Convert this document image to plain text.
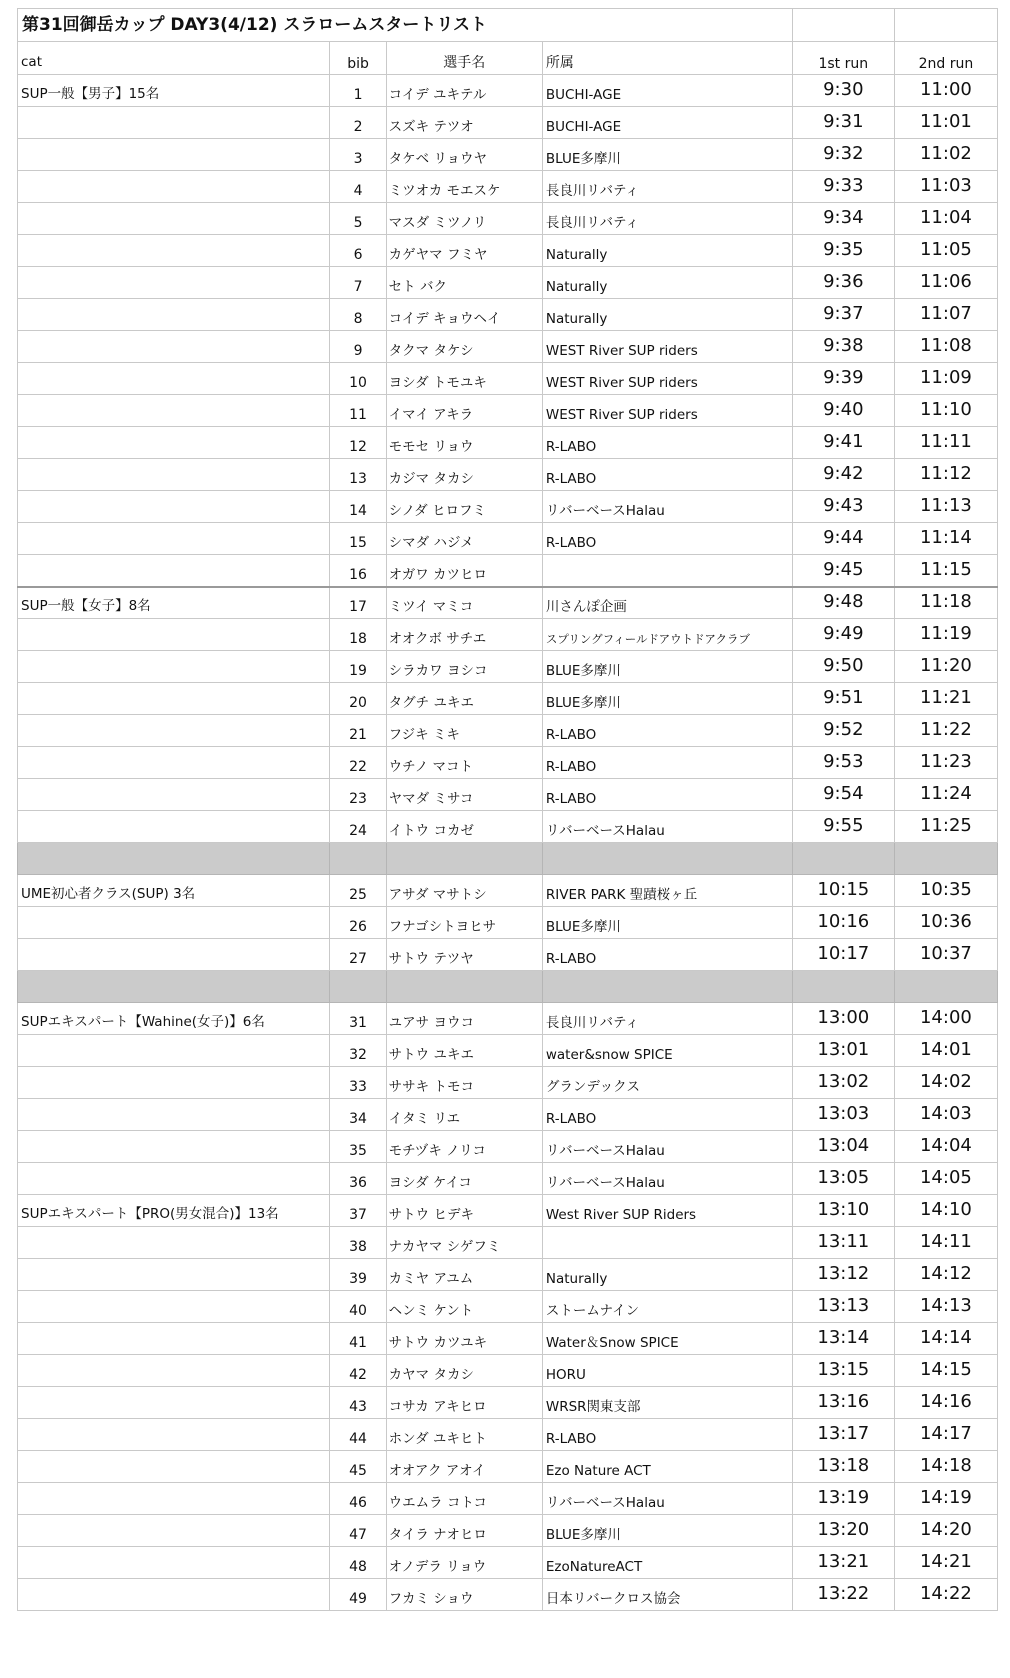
第31回御岳カップ DAY3(4/12) スラロームスタートリスト					
cat	bib	選手名	所属	1st run	2nd run
SUP一般【男子】15名	1	コイデ ユキテル	BUCHI-AGE	9:30	11:00
	2	スズキ テツオ	BUCHI-AGE	9:31	11:01
	3	タケベ リョウヤ	BLUE多摩川	9:32	11:02
	4	ミツオカ モエスケ	長良川リバティ	9:33	11:03
	5	マスダ ミツノリ	長良川リバティ	9:34	11:04
	6	カゲヤマ フミヤ	Naturally	9:35	11:05
	7	セト バク	Naturally	9:36	11:06
	8	コイデ キョウヘイ	Naturally	9:37	11:07
	9	タクマ タケシ	WEST River SUP riders	9:38	11:08
	10	ヨシダ トモユキ	WEST River SUP riders	9:39	11:09
	11	イマイ アキラ	WEST River SUP riders	9:40	11:10
	12	モモセ リョウ	R-LABO	9:41	11:11
	13	カジマ タカシ	R-LABO	9:42	11:12
	14	シノダ ヒロフミ	リバーベースHalau	9:43	11:13
	15	シマダ ハジメ	R-LABO	9:44	11:14
	16	オガワ カツヒロ		9:45	11:15
SUP一般【女子】8名	17	ミツイ マミコ	川さんぽ企画	9:48	11:18
	18	オオクボ サチエ	スプリングフィールドアウトドアクラブ	9:49	11:19
	19	シラカワ ヨシコ	BLUE多摩川	9:50	11:20
	20	タグチ ユキエ	BLUE多摩川	9:51	11:21
	21	フジキ ミキ	R-LABO	9:52	11:22
	22	ウチノ マコト	R-LABO	9:53	11:23
	23	ヤマダ ミサコ	R-LABO	9:54	11:24
	24	イトウ コカゼ	リバーベースHalau	9:55	11:25

UME初心者クラス(SUP) 3名	25	アサダ マサトシ	RIVER PARK 聖蹟桜ヶ丘	10:15	10:35
	26	フナゴシトヨヒサ	BLUE多摩川	10:16	10:36
	27	サトウ テツヤ	R-LABO	10:17	10:37

SUPエキスパート【Wahine(女子)】6名	31	ユアサ ヨウコ	長良川リバティ	13:00	14:00
	32	サトウ ユキエ	water&snow SPICE	13:01	14:01
	33	ササキ トモコ	グランデックス	13:02	14:02
	34	イタミ リエ	R-LABO	13:03	14:03
	35	モチヅキ ノリコ	リバーベースHalau	13:04	14:04
	36	ヨシダ ケイコ	リバーベースHalau	13:05	14:05
SUPエキスパート【PRO(男女混合)】13名	37	サトウ ヒデキ	West River SUP Riders	13:10	14:10
	38	ナカヤマ シゲフミ		13:11	14:11
	39	カミヤ アユム	Naturally	13:12	14:12
	40	ヘンミ ケント	ストームナイン	13:13	14:13
	41	サトウ カツユキ	Water＆Snow SPICE	13:14	14:14
	42	カヤマ タカシ	HORU	13:15	14:15
	43	コサカ アキヒロ	WRSR関東支部	13:16	14:16
	44	ホンダ ユキヒト	R-LABO	13:17	14:17
	45	オオアク アオイ	Ezo Nature ACT	13:18	14:18
	46	ウエムラ コトコ	リバーベースHalau	13:19	14:19
	47	タイラ ナオヒロ	BLUE多摩川	13:20	14:20
	48	オノデラ リョウ	EzoNatureACT	13:21	14:21
	49	フカミ ショウ	日本リバークロス協会	13:22	14:22
